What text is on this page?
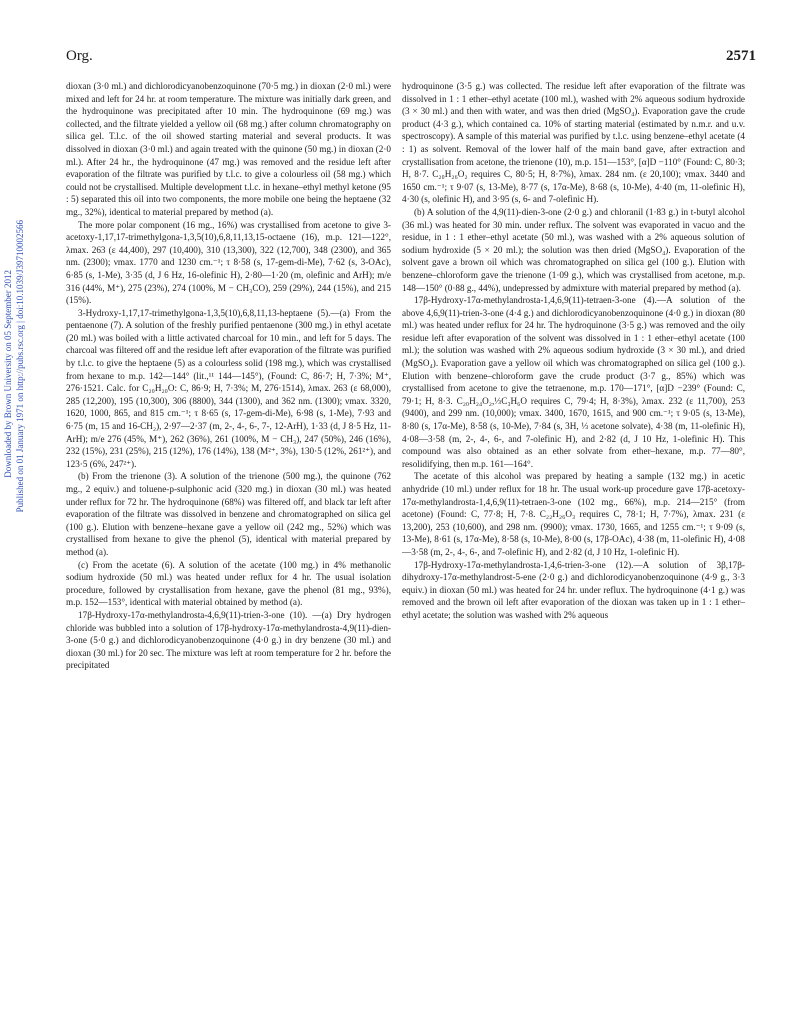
Org.	2571
Downloaded by Brown University on 05 September 2012 Published on 01 January 1971 on http://pubs.rsc.org | doi:10.1039/J39710002566

dioxan (3·0 ml.) and dichlorodicyanobenzoquinone (70·5 mg.) in dioxan (2·0 ml.) were mixed and left for 24 hr. at room temperature. The mixture was initially dark green, and the hydroquinone was precipitated after 10 min. The hydroquinone (69 mg.) was collected, and the filtrate yielded a yellow oil (68 mg.) after column chromatography on silica gel. T.l.c. of the oil showed starting material and several products. It was dissolved in dioxan (3·0 ml.) and again treated with the quinone (50 mg.) in dioxan (2·0 ml.). After 24 hr., the hydroquinone (47 mg.) was removed and the residue left after evaporation of the filtrate was purified by t.l.c. to give a colourless oil (58 mg.) which could not be crystallised. Multiple development t.l.c. in hexane–ethyl methyl ketone (95 : 5) separated this oil into two components, the more mobile one being the heptaene (32 mg., 32%), identical to material prepared by method (a).

The more polar component (16 mg., 16%) was crystallised from acetone to give 3-acetoxy-1,17,17-trimethylgona-1,3,5(10),6,8,11,13,15-octaene (16), m.p. 121—122°, λmax. 263 (ε 44,400), 297 (10,400), 310 (13,300), 322 (12,700), 348 (2300), and 365 nm. (2300); νmax. 1770 and 1230 cm.⁻¹; τ 8·58 (s, 17-gem-di-Me), 7·62 (s, 3-OAc), 6·85 (s, 1-Me), 3·35 (d, J 6 Hz, 16-olefinic H), 2·80—1·20 (m, olefinic and ArH); m/e 316 (44%, M⁺), 275 (23%), 274 (100%, M − CH₃CO), 259 (29%), 244 (15%), and 215 (15%).

3-Hydroxy-1,17,17-trimethylgona-1,3,5(10),6,8,11,13-heptaene (5).—(a) From the pentaenone (7). A solution of the freshly purified pentaenone (300 mg.) in ethyl acetate (20 ml.) was boiled with a little activated charcoal for 10 min., and left for 5 days. The charcoal was filtered off and the residue left after evaporation of the filtrate was purified by t.l.c. to give the heptaene (5) as a colourless solid (198 mg.), which was crystallised from hexane to m.p. 142—144° (lit.,¹¹ 144—145°), (Found: C, 86·7; H, 7·3%; M⁺, 276·1521. Calc. for C₂₀H₂₀O: C, 86·9; H, 7·3%; M, 276·1514), λmax. 263 (ε 68,000), 285 (12,200), 195 (10,300), 306 (8800), 344 (1300), and 362 nm. (1300); νmax. 3320, 1620, 1000, 865, and 815 cm.⁻¹; τ 8·65 (s, 17-gem-di-Me), 6·98 (s, 1-Me), 7·93 and 6·75 (m, 15 and 16-CH₂), 2·97—2·37 (m, 2-, 4-, 6-, 7-, 12-ArH), 1·33 (d, J 8·5 Hz, 11-ArH); m/e 276 (45%, M⁺), 262 (36%), 261 (100%, M − CH₃), 247 (50%), 246 (16%), 232 (15%), 231 (25%), 215 (12%), 176 (14%), 138 (M²⁺, 3%), 130·5 (12%, 261²⁺), and 123·5 (6%, 247²⁺).

(b) From the trienone (3). A solution of the trienone (500 mg.), the quinone (762 mg., 2 equiv.) and toluene-p-sulphonic acid (320 mg.) in dioxan (30 ml.) was heated under reflux for 72 hr. The hydroquinone (68%) was filtered off, and black tar left after evaporation of the filtrate was dissolved in benzene and chromatographed on silica gel (100 g.). Elution with benzene–hexane gave a yellow oil (242 mg., 52%) which was crystallised from hexane to give the phenol (5), identical with material prepared by method (a).

(c) From the acetate (6). A solution of the acetate (100 mg.) in 4% methanolic sodium hydroxide (50 ml.) was heated under reflux for 4 hr. The usual isolation procedure, followed by crystallisation from hexane, gave the phenol (81 mg., 93%), m.p. 152—153°, identical with material obtained by method (a).

17β-Hydroxy-17α-methylandrosta-4,6,9(11)-trien-3-one (10). —(a) Dry hydrogen chloride was bubbled into a solution of 17β-hydroxy-17α-methylandrosta-4,9(11)-dien-3-one (5·0 g.) and dichlorodicyanobenzoquinone (4·0 g.) in dry benzene (30 ml.) and dioxan (30 ml.) for 20 sec. The mixture was left at room temperature for 2 hr. before the precipitated

hydroquinone (3·5 g.) was collected. The residue left after evaporation of the filtrate was dissolved in 1 : 1 ether–ethyl acetate (100 ml.), washed with 2% aqueous sodium hydroxide (3 × 30 ml.) and then with water, and was then dried (MgSO₄). Evaporation gave the crude product (4·3 g.), which contained ca. 10% of starting material (estimated by n.m.r. and u.v. spectroscopy). A sample of this material was purified by t.l.c. using benzene–ethyl acetate (4 : 1) as solvent. Removal of the lower half of the main band gave, after extraction and crystallisation from acetone, the trienone (10), m.p. 151—153°, [α]D −110° (Found: C, 80·3; H, 8·7. C₂₀H₂₆O₂ requires C, 80·5; H, 8·7%), λmax. 284 nm. (ε 20,100); νmax. 3440 and 1650 cm.⁻¹; τ 9·07 (s, 13-Me), 8·77 (s, 17α-Me), 8·68 (s, 10-Me), 4·40 (m, 11-olefinic H), 4·30 (s, olefinic H), and 3·95 (s, 6- and 7-olefinic H).

(b) A solution of the 4,9(11)-dien-3-one (2·0 g.) and chloranil (1·83 g.) in t-butyl alcohol (36 ml.) was heated for 30 min. under reflux. The solvent was evaporated in vacuo and the residue, in 1 : 1 ether–ethyl acetate (50 ml.), was washed with a 2% aqueous solution of sodium hydroxide (5 × 20 ml.); the solution was then dried (MgSO₄). Evaporation of the solvent gave a brown oil which was chromatographed on silica gel (100 g.). Elution with benzene–chloroform gave the trienone (1·09 g.), which was crystallised from acetone, m.p. 148—150° (0·88 g., 44%), undepressed by admixture with material prepared by method (a).

17β-Hydroxy-17α-methylandrosta-1,4,6,9(11)-tetraen-3-one (4).—A solution of the above 4,6,9(11)-trien-3-one (4·4 g.) and dichlorodicyanobenzoquinone (4·0 g.) in dioxan (80 ml.) was heated under reflux for 24 hr. The hydroquinone (3·5 g.) was removed and the oily residue left after evaporation of the solvent was dissolved in 1 : 1 ether–ethyl acetate (100 ml.); the solution was washed with 2% aqueous sodium hydroxide (3 × 30 ml.), and dried (MgSO₄). Evaporation gave a yellow oil which was chromatographed on silica gel (100 g.). Elution with benzene–chloroform gave the crude product (3·7 g., 85%) which was crystallised from acetone to give the tetraenone, m.p. 170—171°, [α]D −239° (Found: C, 79·1; H, 8·3. C₂₀H₂₄O₂,⅓C₃H₆O requires C, 79·4; H, 8·3%), λmax. 232 (ε 11,700), 253 (9400), and 299 nm. (10,000); νmax. 3400, 1670, 1615, and 900 cm.⁻¹; τ 9·05 (s, 13-Me), 8·80 (s, 17α-Me), 8·58 (s, 10-Me), 7·84 (s, 3H, ⅓ acetone solvate), 4·38 (m, 11-olefinic H), 4·08—3·58 (m, 2-, 4-, 6-, and 7-olefinic H), and 2·82 (d, J 10 Hz, 1-olefinic H). This compound was also obtained as an ether solvate from ether–hexane, m.p. 77—80°, resolidifying, then m.p. 161—164°.

The acetate of this alcohol was prepared by heating a sample (132 mg.) in acetic anhydride (10 ml.) under reflux for 18 hr. The usual work-up procedure gave 17β-acetoxy-17α-methylandrosta-1,4,6,9(11)-tetraen-3-one (102 mg., 66%), m.p. 214—215° (from acetone) (Found: C, 77·8; H, 7·8. C₂₂H₂₆O₃ requires C, 78·1; H, 7·7%), λmax. 231 (ε 13,200), 253 (10,600), and 298 nm. (9900); νmax. 1730, 1665, and 1255 cm.⁻¹; τ 9·09 (s, 13-Me), 8·61 (s, 17α-Me), 8·58 (s, 10-Me), 8·00 (s, 17β-OAc), 4·38 (m, 11-olefinic H), 4·08—3·58 (m, 2-, 4-, 6-, and 7-olefinic H), and 2·82 (d, J 10 Hz, 1-olefinic H).

17β-Hydroxy-17α-methylandrosta-1,4,6-trien-3-one (12).—A solution of 3β,17β-dihydroxy-17α-methylandrost-5-ene (2·0 g.) and dichlorodicyanobenzoquinone (4·9 g., 3·3 equiv.) in dioxan (50 ml.) was heated for 24 hr. under reflux. The hydroquinone (4·1 g.) was removed and the brown oil left after evaporation of the dioxan was taken up in 1 : 1 ether–ethyl acetate; the solution was washed with 2% aqueous
